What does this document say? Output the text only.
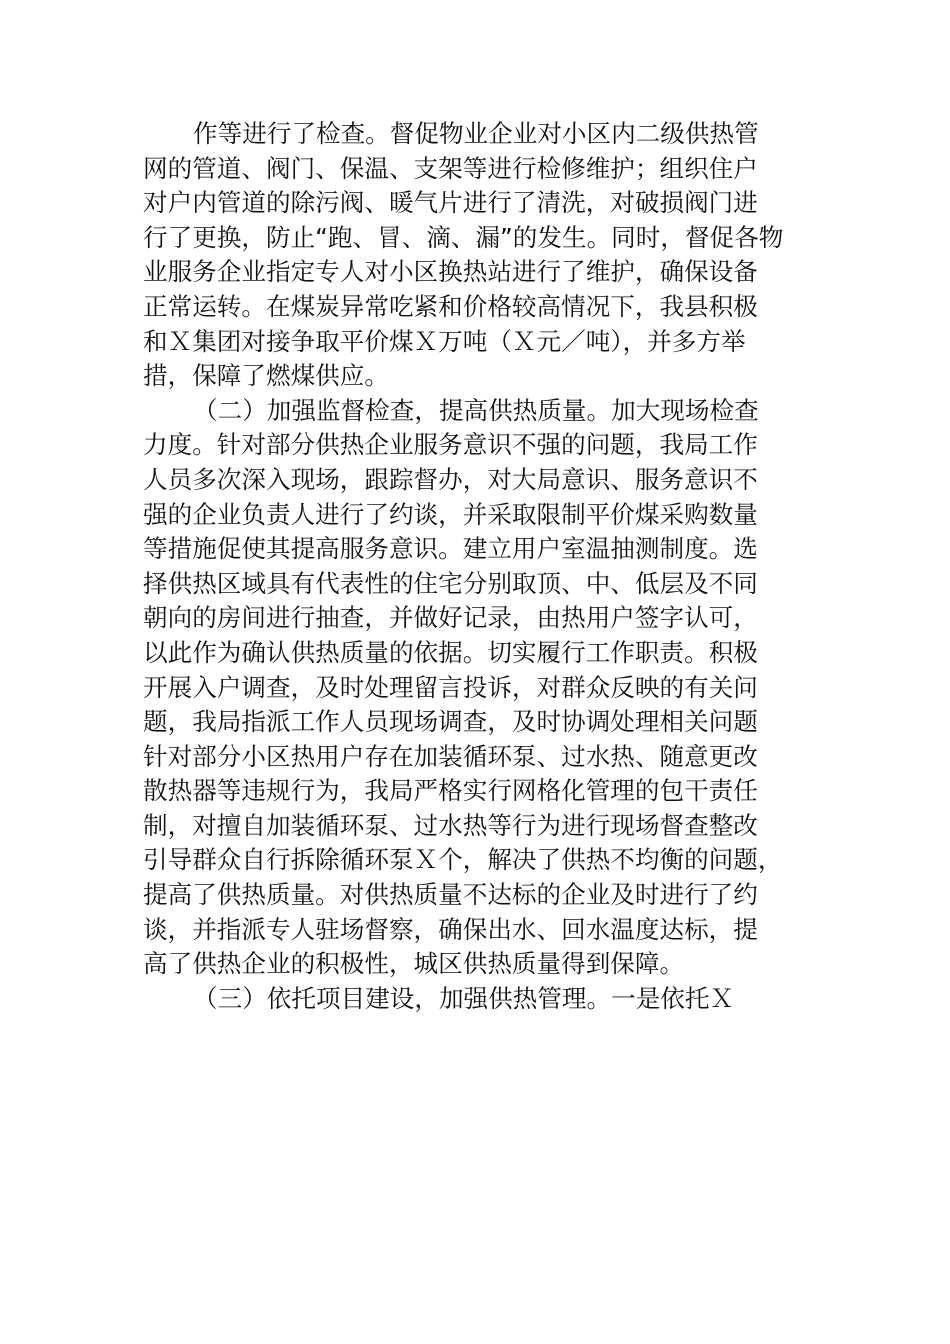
作等进行了检查。督促物业企业对小区内二级供热管
网的管道、阀门、保温、支架等进行检修维护；组织住户
对户内管道的除污阀、暖气片进行了清洗，对破损阀门进
行了更换，防止“跑、冒、滴、漏”的发生。同时，督促各物
业服务企业指定专人对小区换热站进行了维护，确保设备
正常运转。在煤炭异常吃紧和价格较高情况下，我县积极
和Ｘ集团对接争取平价煤Ｘ万吨（Ｘ元／吨），并多方举
措，保障了燃煤供应。
（二）加强监督检查，提高供热质量。加大现场检查
力度。针对部分供热企业服务意识不强的问题，我局工作
人员多次深入现场，跟踪督办，对大局意识、服务意识不
强的企业负责人进行了约谈，并采取限制平价煤采购数量
等措施促使其提高服务意识。建立用户室温抽测制度。选
择供热区域具有代表性的住宅分别取顶、中、低层及不同
朝向的房间进行抽查，并做好记录，由热用户签字认可，
以此作为确认供热质量的依据。切实履行工作职责。积极
开展入户调查，及时处理留言投诉，对群众反映的有关问
题，我局指派工作人员现场调查，及时协调处理相关问题
针对部分小区热用户存在加装循环泵、过水热、随意更改
散热器等违规行为，我局严格实行网格化管理的包干责任
制，对擅自加装循环泵、过水热等行为进行现场督查整改
引导群众自行拆除循环泵Ｘ个，解决了供热不均衡的问题，
提高了供热质量。对供热质量不达标的企业及时进行了约
谈，并指派专人驻场督察，确保出水、回水温度达标，提
高了供热企业的积极性，城区供热质量得到保障。
（三）依托项目建设，加强供热管理。一是依托Ｘ
